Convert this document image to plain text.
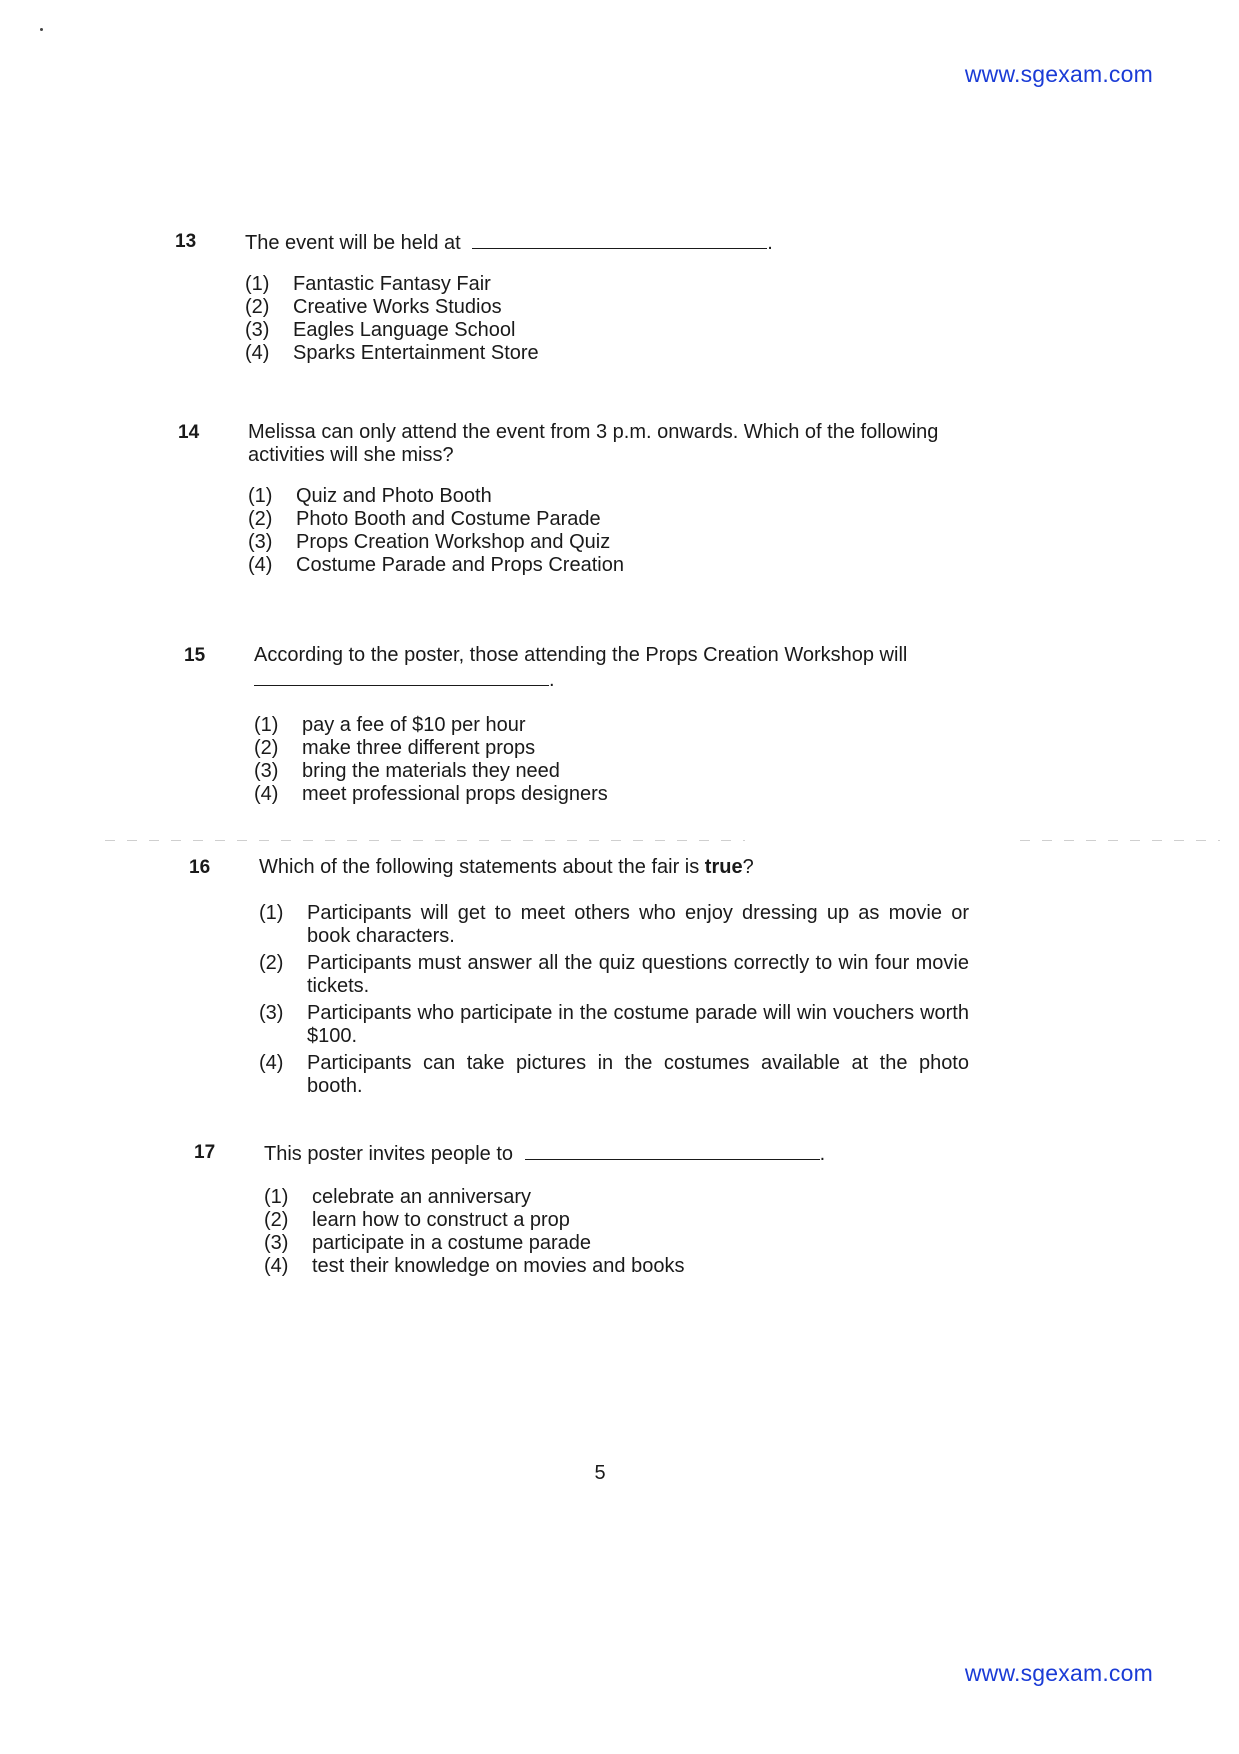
www.sgexam.com
13	The event will be held at	.
(1)	Fantastic Fantasy Fair
(2)	Creative Works Studios
(3)	Eagles Language School
(4)	Sparks Entertainment Store
14	Melissa can only attend the event from 3 p.m. onwards. Which of the following activities will she miss?
(1)	Quiz and Photo Booth
(2)	Photo Booth and Costume Parade
(3)	Props Creation Workshop and Quiz
(4)	Costume Parade and Props Creation
15	According to the poster, those attending the Props Creation Workshop will
.
(1)	pay a fee of $10 per hour
(2)	make three different props
(3)	bring the materials they need
(4)	meet professional props designers
16	Which of the following statements about the fair is true?
(1)	Participants will get to meet others who enjoy dressing up as movie or book characters.
(2)	Participants must answer all the quiz questions correctly to win four movie tickets.
(3)	Participants who participate in the costume parade will win vouchers worth $100.
(4)	Participants can take pictures in the costumes available at the photo booth.
17	This poster invites people to	.
(1)	celebrate an anniversary
(2)	learn how to construct a prop
(3)	participate in a costume parade
(4)	test their knowledge on movies and books
5
www.sgexam.com
